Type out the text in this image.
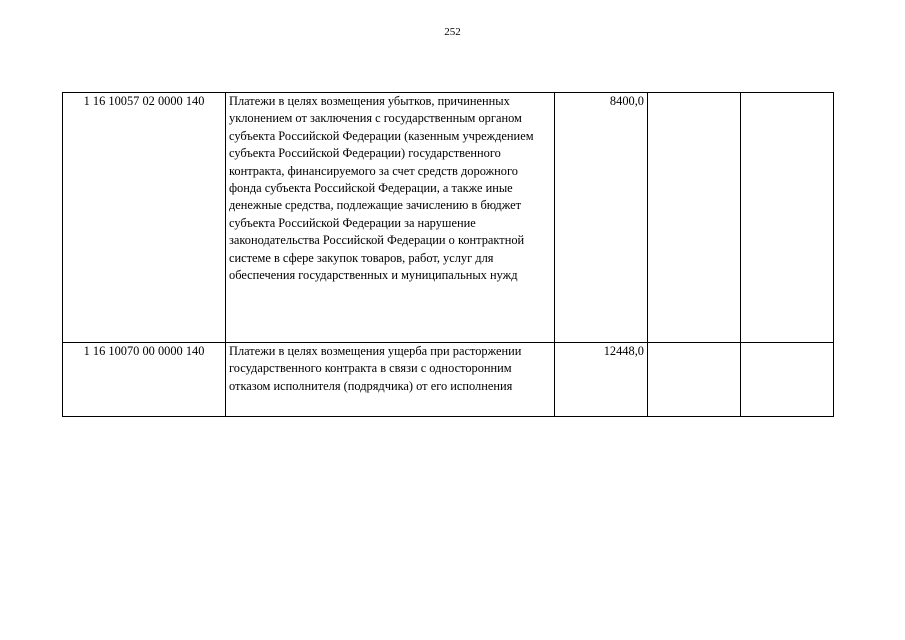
252
1 16 10057 02 0000 140	Платежи в целях возмещения убытков, причиненных уклонением от заключения с государственным органом субъекта Российской Федерации (казенным учреждением субъекта Российской Федерации) государственного контракта, финансируемого за счет средств дорожного фонда субъекта Российской Федерации, а также иные денежные средства, подлежащие зачислению в бюджет субъекта Российской Федерации за нарушение законодательства Российской Федерации о контрактной системе в сфере закупок товаров, работ, услуг для обеспечения государственных и муниципальных нужд	8400,0		
1 16 10070 00 0000 140	Платежи в целях возмещения ущерба при расторжении государственного контракта в связи с односторонним отказом исполнителя (подрядчика) от его исполнения	12448,0		
